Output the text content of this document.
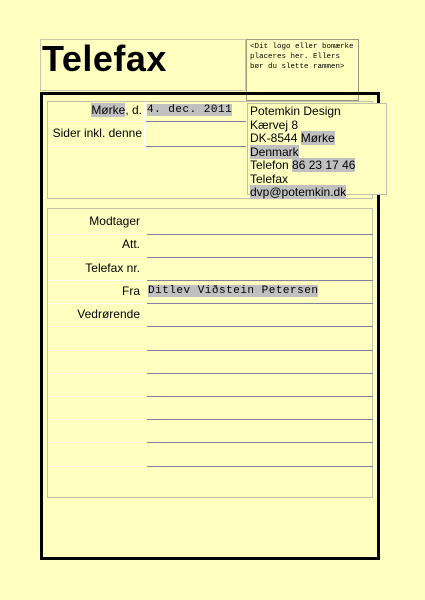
Telefax	<Dit logo eller bomærke placeres her. Ellers bør du slette rammen>
Mørke, d. 4. dec. 2011
Sider inkl. denne
Potemkin Design
Kærvej 8
DK-8544 Mørke
Denmark
Telefon 86 23 17 46
Telefax
dvp@potemkin.dk
Modtager
Att.
Telefax nr.
Fra Ditlev Viðstein Petersen
Vedrørende
